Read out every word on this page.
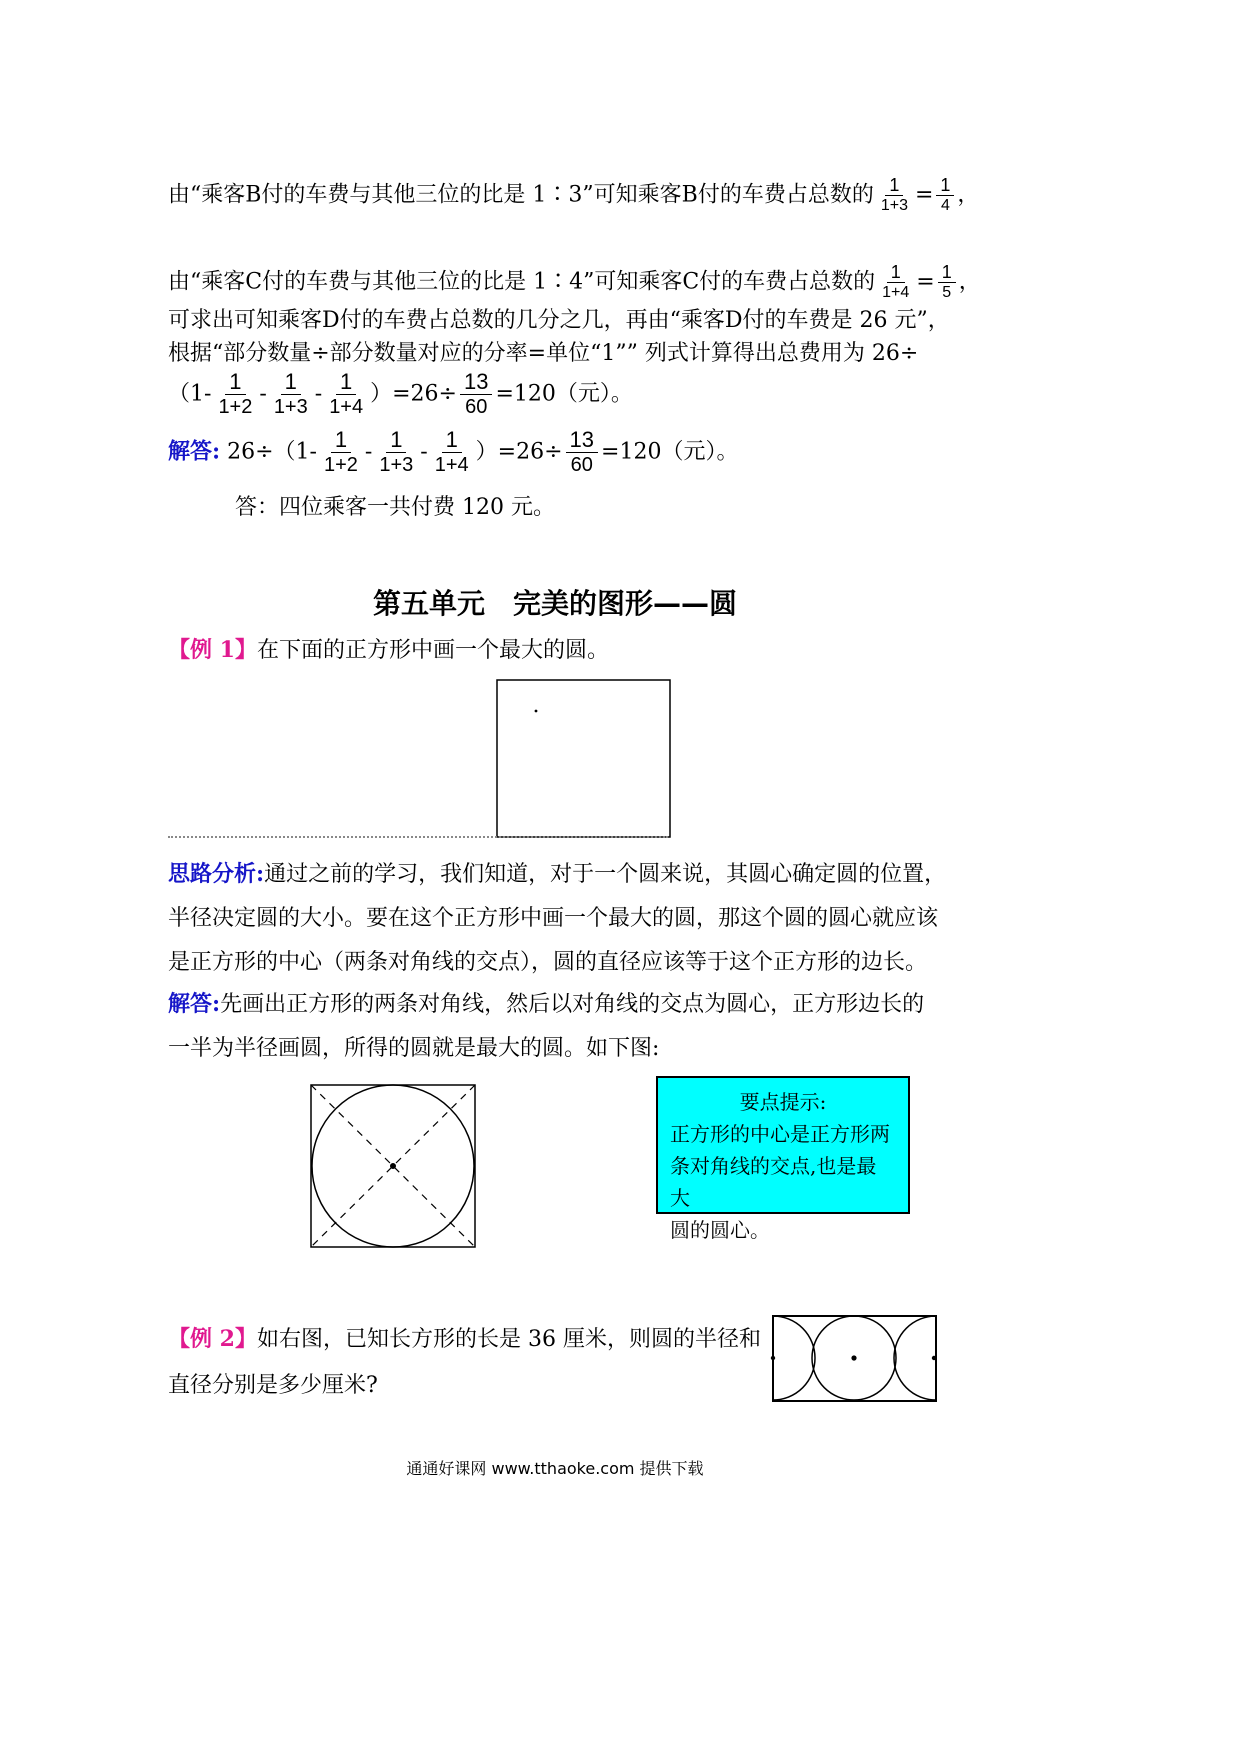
由“乘客B付的车费与其他三位的比是 1∶3”可知乘客B付的车费占总数的 $\frac{1}{1+3} = \frac{1}{4}$ ，
由“乘客C付的车费与其他三位的比是 1∶4”可知乘客C付的车费占总数的 $\frac{1}{1+4} = \frac{1}{5}$ ，
可求出可知乘客D付的车费占总数的几分之几，再由“乘客D付的车费是 26 元”，
根据“部分数量÷部分数量对应的分率=单位“1”” 列式计算得出总费用为 26÷
$(1- \frac{1}{1+2} - \frac{1}{1+3} - \frac{1}{1+4} )=26\div \frac{13}{60} =120$（元）。
解答: $26\div(1- \frac{1}{1+2} - \frac{1}{1+3} - \frac{1}{1+4} )=26\div \frac{13}{60} =120$（元）。
答：四位乘客一共付费 120 元。
第五单元　完美的图形——圆
【例 1】在下面的正方形中画一个最大的圆。
思路分析:通过之前的学习，我们知道，对于一个圆来说，其圆心确定圆的位置，
半径决定圆的大小。要在这个正方形中画一个最大的圆，那这个圆的圆心就应该
是正方形的中心（两条对角线的交点），圆的直径应该等于这个正方形的边长。
解答:先画出正方形的两条对角线，然后以对角线的交点为圆心，正方形边长的
一半为半径画圆，所得的圆就是最大的圆。如下图:
要点提示:
正方形的中心是正方形两
条对角线的交点,也是最大
圆的圆心。
【例 2】如右图，已知长方形的长是 36 厘米，则圆的半径和
直径分别是多少厘米?
通通好课网 www.tthaoke.com 提供下载
